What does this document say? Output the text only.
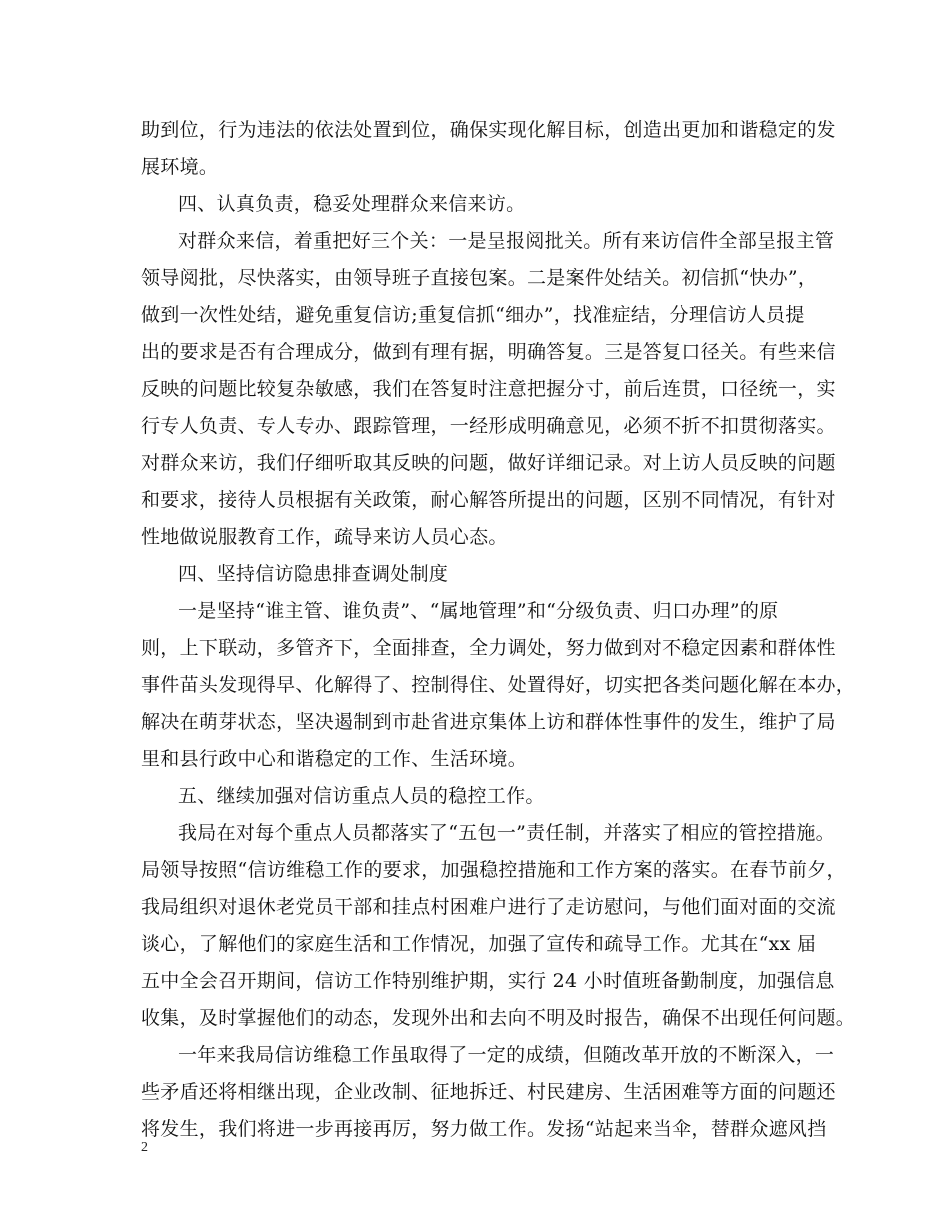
助到位，行为违法的依法处置到位，确保实现化解目标，创造出更加和谐稳定的发
展环境。
四、认真负责，稳妥处理群众来信来访。
对群众来信，着重把好三个关：一是呈报阅批关。所有来访信件全部呈报主管
领导阅批，尽快落实，由领导班子直接包案。二是案件处结关。初信抓“快办”，
做到一次性处结，避免重复信访;重复信抓“细办”，找准症结，分理信访人员提
出的要求是否有合理成分，做到有理有据，明确答复。三是答复口径关。有些来信
反映的问题比较复杂敏感，我们在答复时注意把握分寸，前后连贯，口径统一，实
行专人负责、专人专办、跟踪管理，一经形成明确意见，必须不折不扣贯彻落实。
对群众来访，我们仔细听取其反映的问题，做好详细记录。对上访人员反映的问题
和要求，接待人员根据有关政策，耐心解答所提出的问题，区别不同情况，有针对
性地做说服教育工作，疏导来访人员心态。
四、坚持信访隐患排查调处制度
一是坚持“谁主管、谁负责”、“属地管理”和“分级负责、归口办理”的原
则，上下联动，多管齐下，全面排查，全力调处，努力做到对不稳定因素和群体性
事件苗头发现得早、化解得了、控制得住、处置得好，切实把各类问题化解在本办，
解决在萌芽状态，坚决遏制到市赴省进京集体上访和群体性事件的发生，维护了局
里和县行政中心和谐稳定的工作、生活环境。
五、继续加强对信访重点人员的稳控工作。
我局在对每个重点人员都落实了“五包一”责任制，并落实了相应的管控措施。
局领导按照“信访维稳工作的要求，加强稳控措施和工作方案的落实。在春节前夕，
我局组织对退休老党员干部和挂点村困难户进行了走访慰问，与他们面对面的交流
谈心，了解他们的家庭生活和工作情况，加强了宣传和疏导工作。尤其在“xx 届
五中全会召开期间，信访工作特别维护期，实行 24 小时值班备勤制度，加强信息
收集，及时掌握他们的动态，发现外出和去向不明及时报告，确保不出现任何问题。
一年来我局信访维稳工作虽取得了一定的成绩，但随改革开放的不断深入，一
些矛盾还将相继出现，企业改制、征地拆迁、村民建房、生活困难等方面的问题还
将发生，我们将进一步再接再厉，努力做工作。发扬“站起来当伞，替群众遮风挡
2
